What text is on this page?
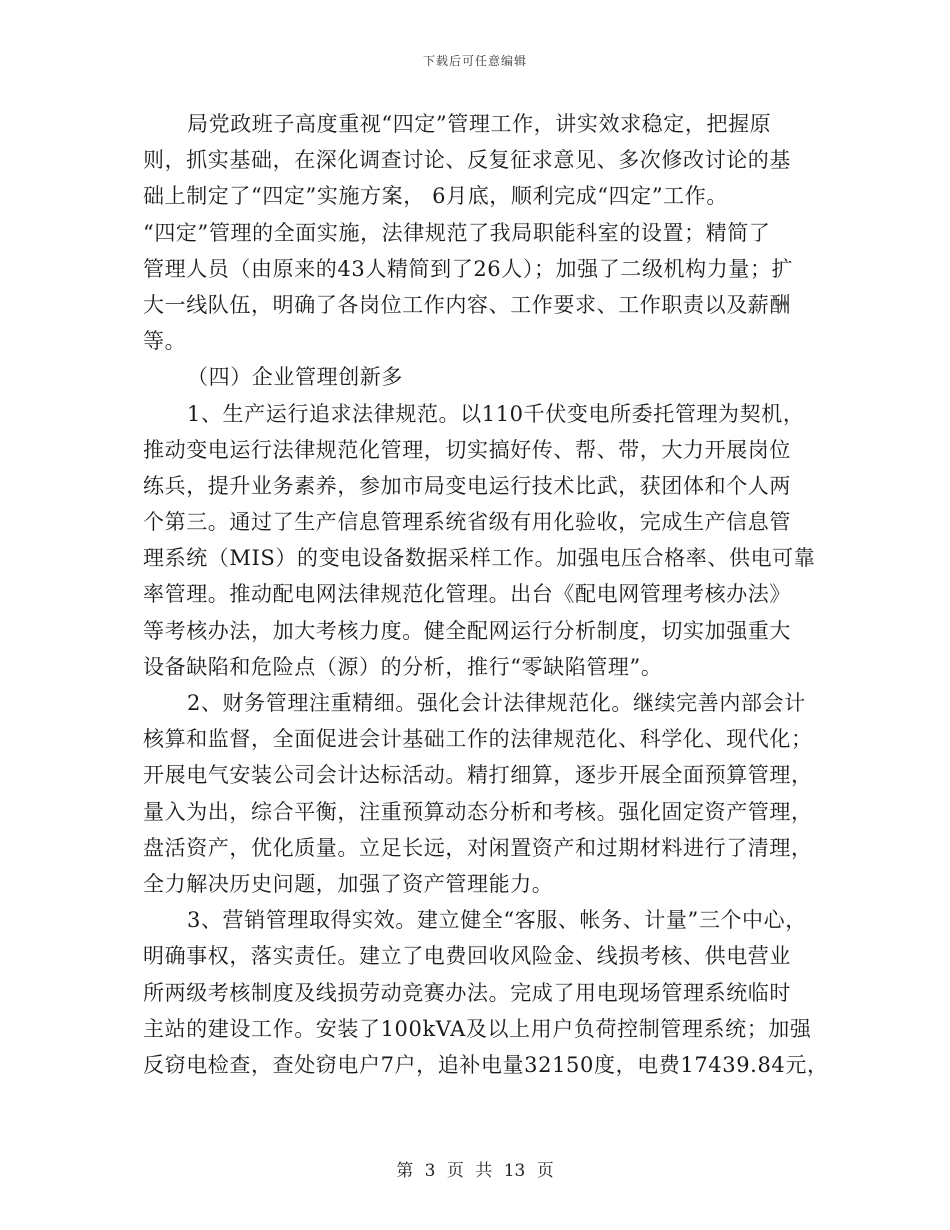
下载后可任意编辑
局党政班子高度重视“四定”管理工作，讲实效求稳定，把握原
则，抓实基础，在深化调查讨论、反复征求意见、多次修改讨论的基
础上制定了“四定”实施方案， 6月底，顺利完成“四定”工作。
“四定”管理的全面实施，法律规范了我局职能科室的设置；精简了
管理人员（由原来的43人精简到了26人）；加强了二级机构力量；扩
大一线队伍，明确了各岗位工作内容、工作要求、工作职责以及薪酬
等。
（四）企业管理创新多
1、生产运行追求法律规范。以110千伏变电所委托管理为契机，
推动变电运行法律规范化管理，切实搞好传、帮、带，大力开展岗位
练兵，提升业务素养，参加市局变电运行技术比武，获团体和个人两
个第三。通过了生产信息管理系统省级有用化验收，完成生产信息管
理系统（MIS）的变电设备数据采样工作。加强电压合格率、供电可靠
率管理。推动配电网法律规范化管理。出台《配电网管理考核办法》
等考核办法，加大考核力度。健全配网运行分析制度，切实加强重大
设备缺陷和危险点（源）的分析，推行“零缺陷管理”。
2、财务管理注重精细。强化会计法律规范化。继续完善内部会计
核算和监督，全面促进会计基础工作的法律规范化、科学化、现代化；
开展电气安装公司会计达标活动。精打细算，逐步开展全面预算管理，
量入为出，综合平衡，注重预算动态分析和考核。强化固定资产管理，
盘活资产，优化质量。立足长远，对闲置资产和过期材料进行了清理，
全力解决历史问题，加强了资产管理能力。
3、营销管理取得实效。建立健全“客服、帐务、计量”三个中心，
明确事权，落实责任。建立了电费回收风险金、线损考核、供电营业
所两级考核制度及线损劳动竞赛办法。完成了用电现场管理系统临时
主站的建设工作。安装了100kVA及以上用户负荷控制管理系统；加强
反窃电检查，查处窃电户7户，追补电量32150度，电费17439.84元，
第 3 页 共 13 页
